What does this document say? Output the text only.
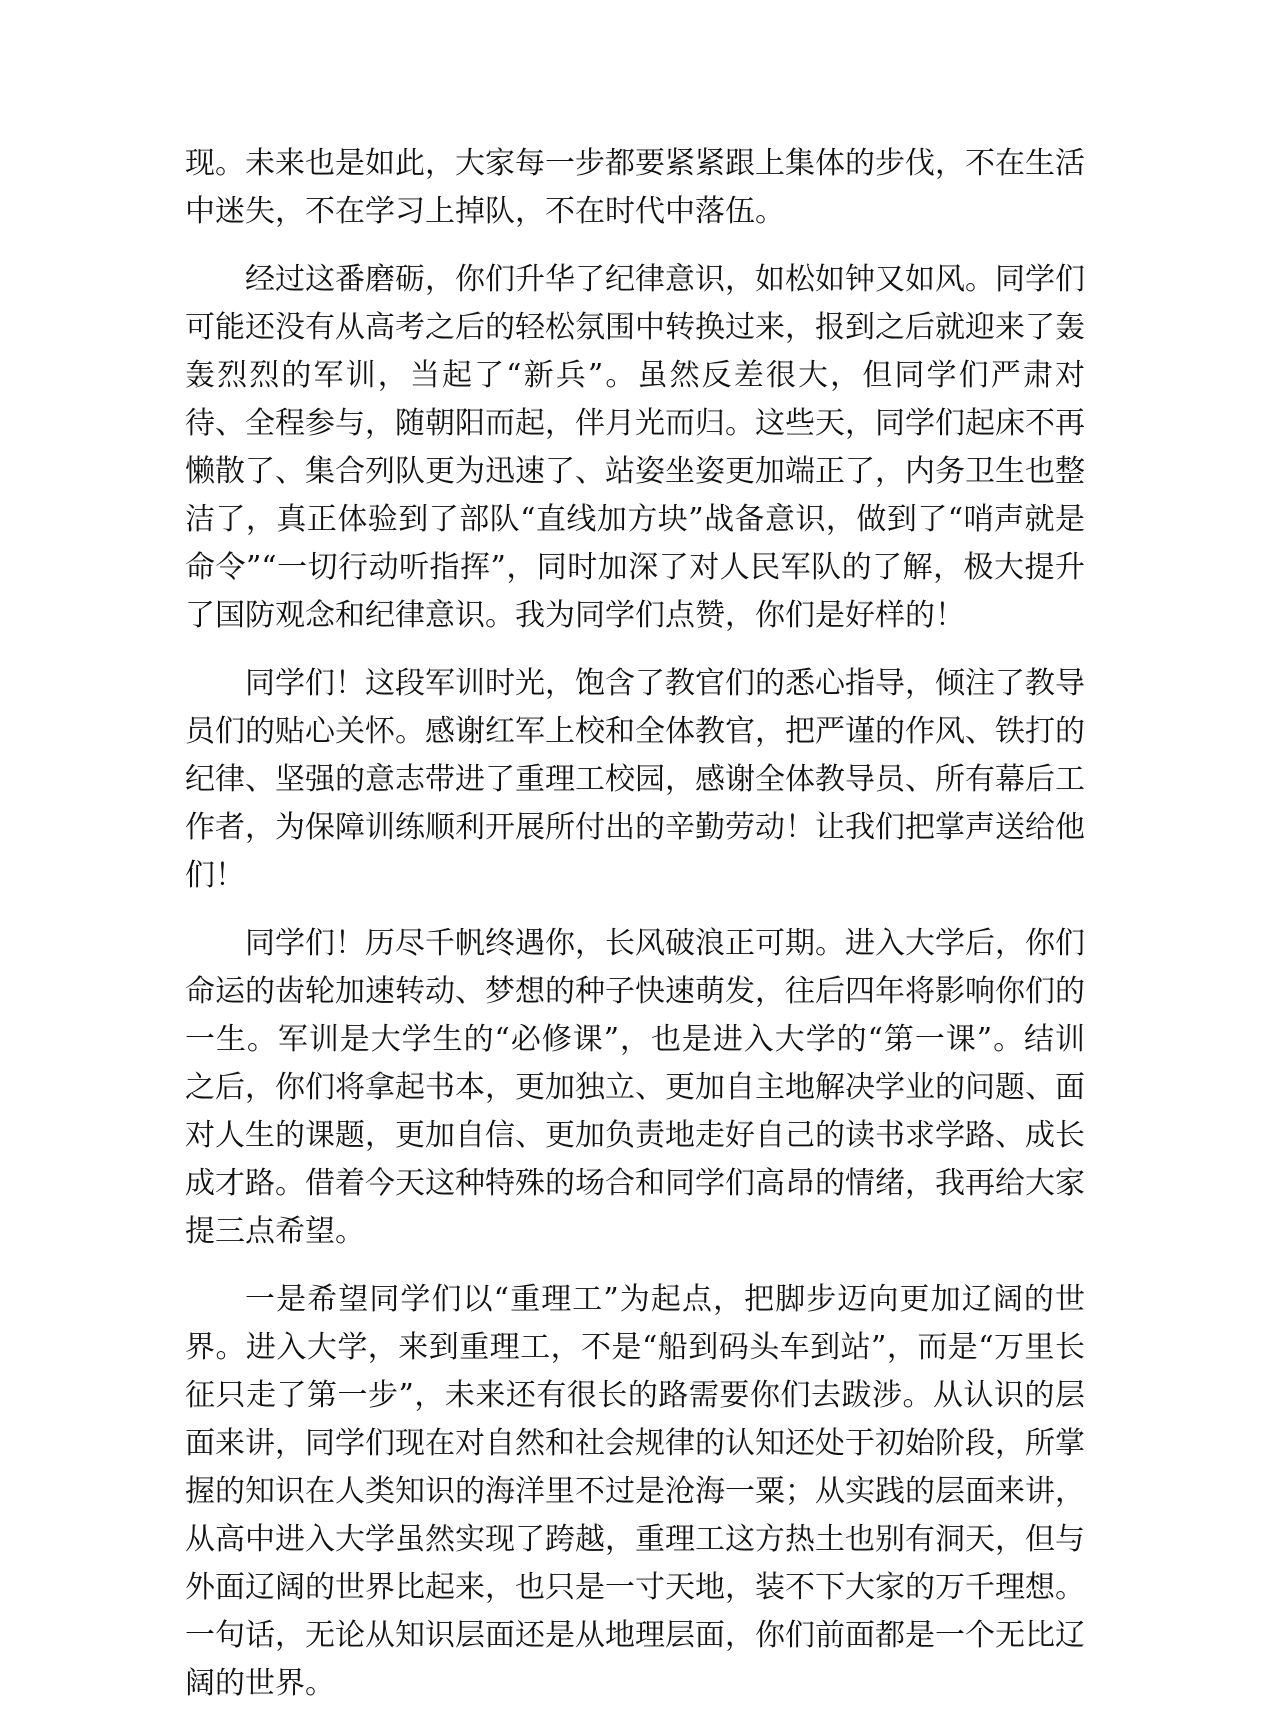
现。未来也是如此，大家每一步都要紧紧跟上集体的步伐，不在生活中迷失，不在学习上掉队，不在时代中落伍。

经过这番磨砺，你们升华了纪律意识，如松如钟又如风。同学们可能还没有从高考之后的轻松氛围中转换过来，报到之后就迎来了轰轰烈烈的军训，当起了“新兵”。虽然反差很大，但同学们严肃对待、全程参与，随朝阳而起，伴月光而归。这些天，同学们起床不再懒散了、集合列队更为迅速了、站姿坐姿更加端正了，内务卫生也整洁了，真正体验到了部队“直线加方块”战备意识，做到了“哨声就是命令”“一切行动听指挥”，同时加深了对人民军队的了解，极大提升了国防观念和纪律意识。我为同学们点赞，你们是好样的！

同学们！这段军训时光，饱含了教官们的悉心指导，倾注了教导员们的贴心关怀。感谢红军上校和全体教官，把严谨的作风、铁打的纪律、坚强的意志带进了重理工校园，感谢全体教导员、所有幕后工作者，为保障训练顺利开展所付出的辛勤劳动！让我们把掌声送给他们！

同学们！历尽千帆终遇你，长风破浪正可期。进入大学后，你们命运的齿轮加速转动、梦想的种子快速萌发，往后四年将影响你们的一生。军训是大学生的“必修课”，也是进入大学的“第一课”。结训之后，你们将拿起书本，更加独立、更加自主地解决学业的问题、面对人生的课题，更加自信、更加负责地走好自己的读书求学路、成长成才路。借着今天这种特殊的场合和同学们高昂的情绪，我再给大家提三点希望。

一是希望同学们以“重理工”为起点，把脚步迈向更加辽阔的世界。进入大学，来到重理工，不是“船到码头车到站”，而是“万里长征只走了第一步”，未来还有很长的路需要你们去跋涉。从认识的层面来讲，同学们现在对自然和社会规律的认知还处于初始阶段，所掌握的知识在人类知识的海洋里不过是沧海一粟；从实践的层面来讲，从高中进入大学虽然实现了跨越，重理工这方热土也别有洞天，但与外面辽阔的世界比起来，也只是一寸天地，装不下大家的万千理想。一句话，无论从知识层面还是从地理层面，你们前面都是一个无比辽阔的世界。
